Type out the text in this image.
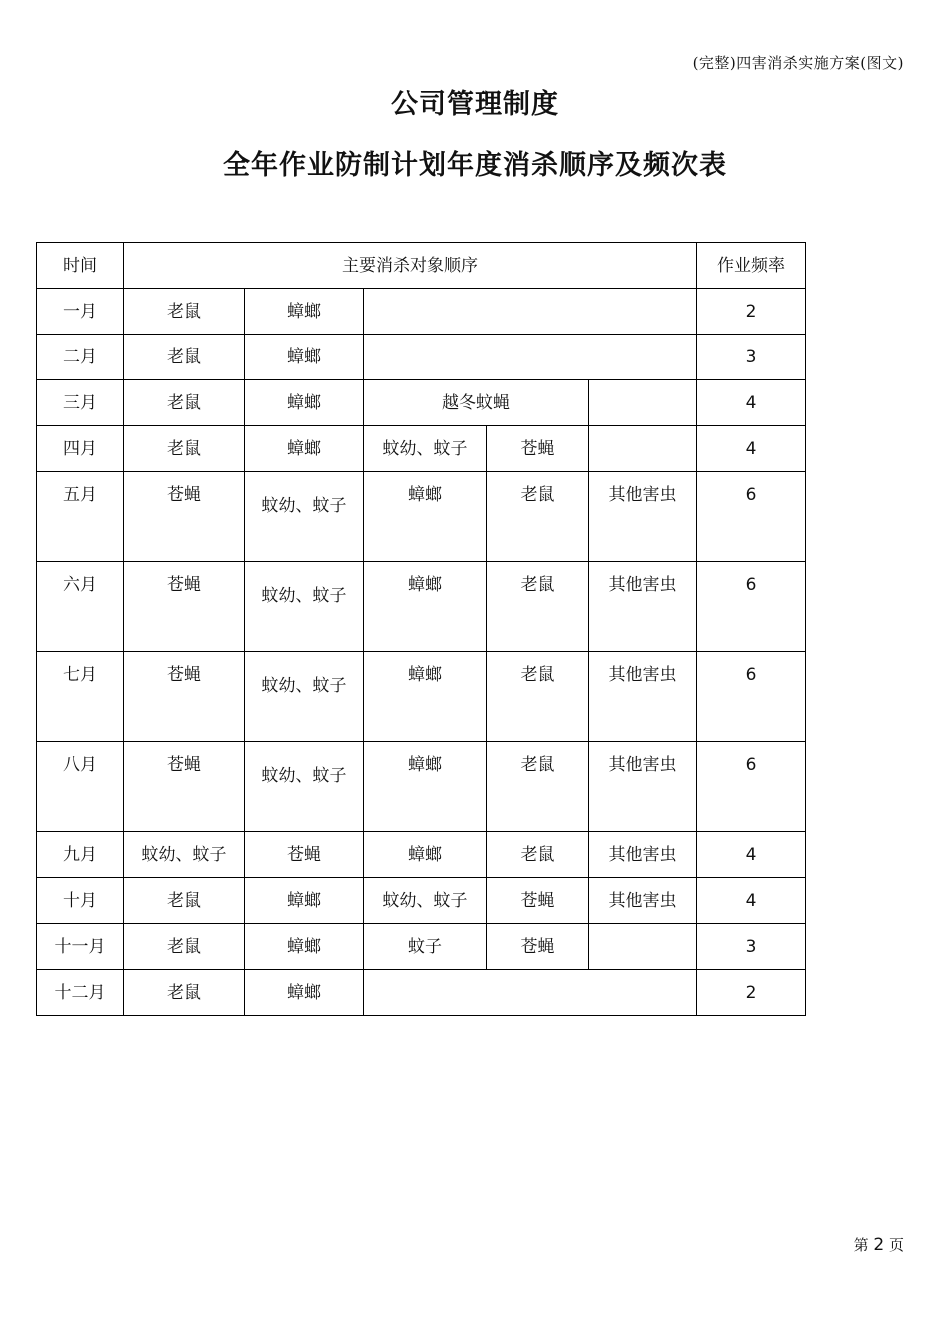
(完整)四害消杀实施方案(图文)
公司管理制度
全年作业防制计划年度消杀顺序及频次表
时间	主要消杀对象顺序					作业频率
一月	老鼠	蟑螂				2
二月	老鼠	蟑螂				3
三月	老鼠	蟑螂	越冬蚊蝇			4
四月	老鼠	蟑螂	蚊幼、蚊子	苍蝇		4

五月	苍蝇	蚊幼、蚊子	蟑螂	老鼠	其他害虫	6

六月	苍蝇	蚊幼、蚊子	蟑螂	老鼠	其他害虫	6

七月	苍蝇	蚊幼、蚊子	蟑螂	老鼠	其他害虫	6

八月	苍蝇	蚊幼、蚊子	蟑螂	老鼠	其他害虫	6

九月	蚊幼、蚊子	苍蝇	蟑螂	老鼠	其他害虫	4
十月	老鼠	蟑螂	蚊幼、蚊子	苍蝇	其他害虫	4
十一月	老鼠	蟑螂	蚊子	苍蝇		3
十二月	老鼠	蟑螂				2
第 2 页
